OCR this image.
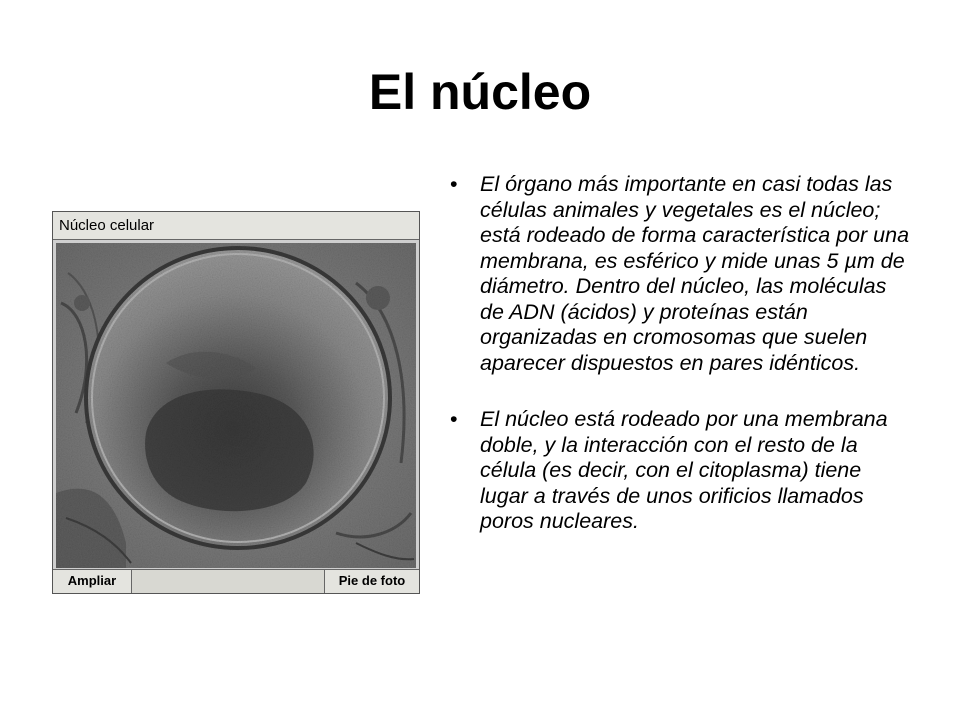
El núcleo
Núcleo celular
Ampliar	Pie de foto
• El órgano más importante en casi todas las células animales y vegetales es el núcleo; está rodeado de forma característica por una membrana, es esférico y mide unas 5 µm de diámetro. Dentro del núcleo, las moléculas de ADN (ácidos) y proteínas están organizadas en cromosomas que suelen aparecer dispuestos en pares idénticos.
• El núcleo está rodeado por una membrana doble, y la interacción con el resto de la célula (es decir, con el citoplasma) tiene lugar a través de unos orificios llamados poros nucleares.
